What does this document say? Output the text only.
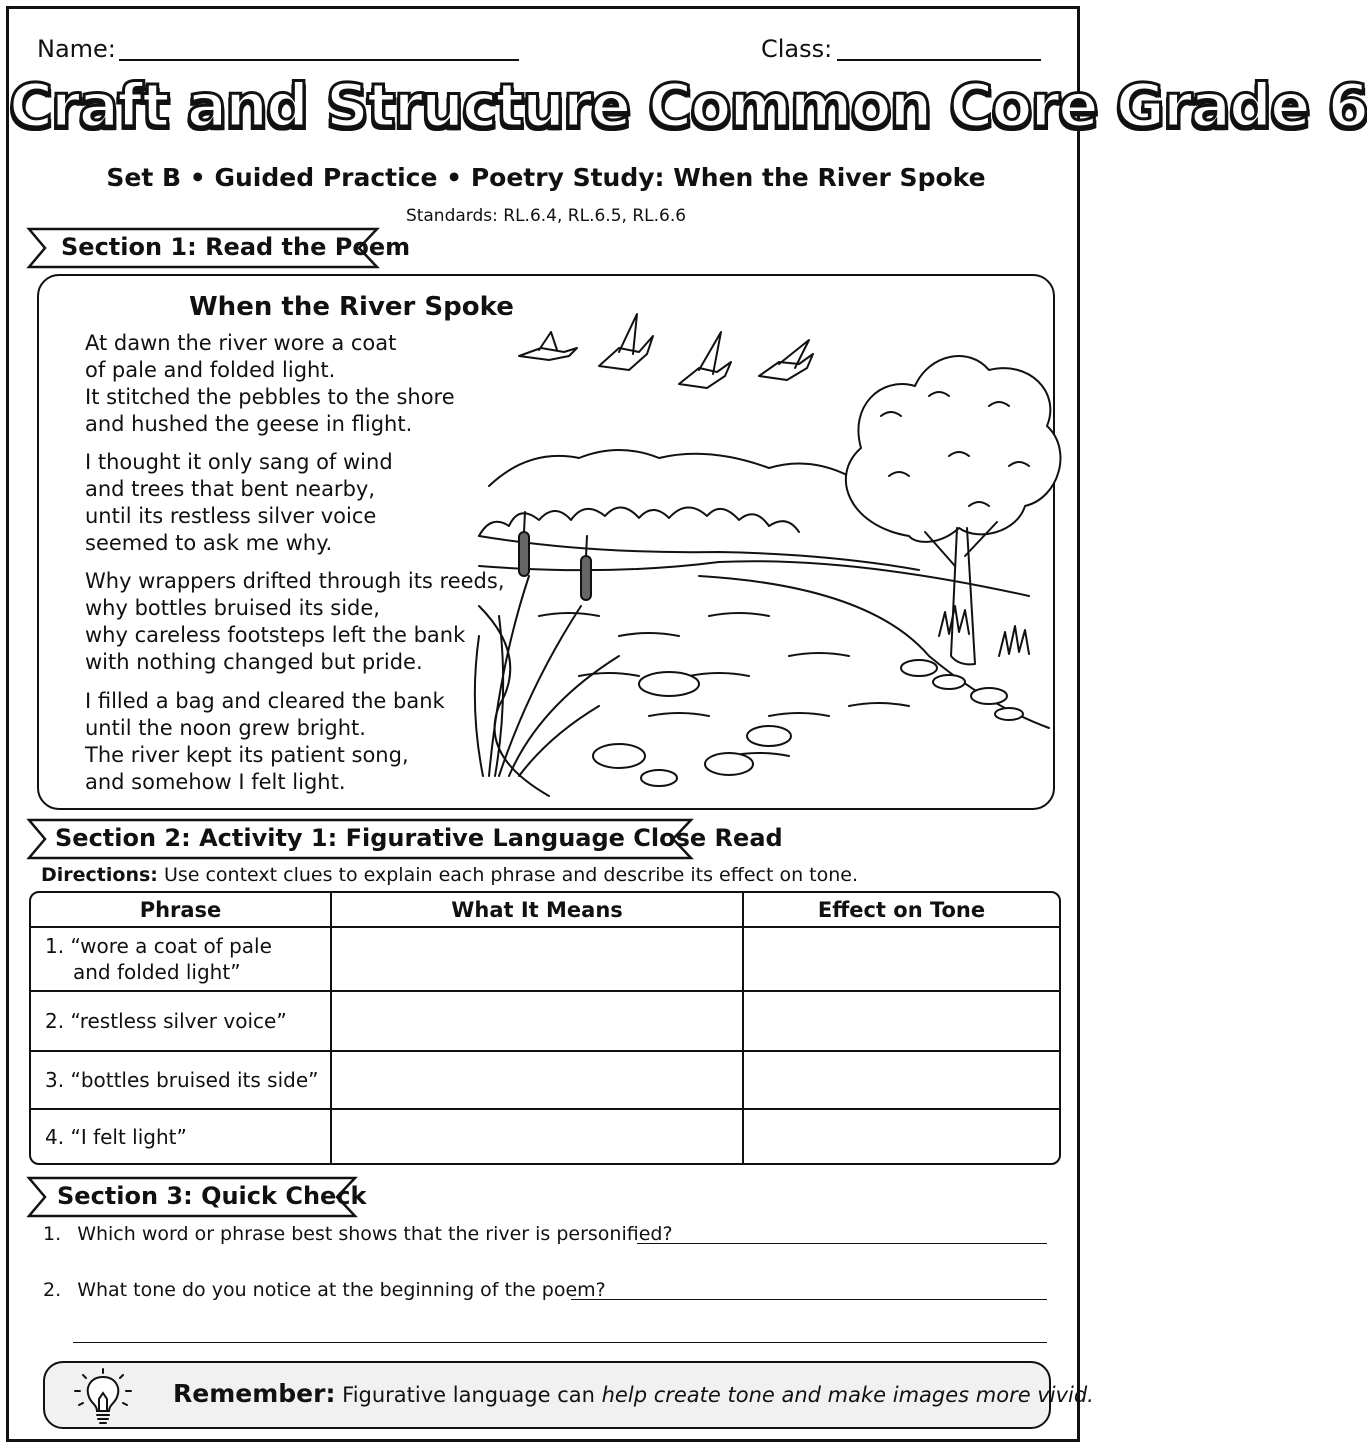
Name:	Class:
Craft and Structure Common Core Grade 6
Set B • Guided Practice • Poetry Study: When the River Spoke
Standards: RL.6.4, RL.6.5, RL.6.6
Section 1: Read the Poem
When the River Spoke
At dawn the river wore a coat
of pale and folded light.
It stitched the pebbles to the shore
and hushed the geese in flight.
I thought it only sang of wind
and trees that bent nearby,
until its restless silver voice
seemed to ask me why.
Why wrappers drifted through its reeds,
why bottles bruised its side,
why careless footsteps left the bank
with nothing changed but pride.
I filled a bag and cleared the bank
until the noon grew bright.
The river kept its patient song,
and somehow I felt light.
Section 2: Activity 1: Figurative Language Close Read
Directions: Use context clues to explain each phrase and describe its effect on tone.
Phrase	What It Means	Effect on Tone
1. “wore a coat of pale
and folded light”		
2. “restless silver voice”		
3. “bottles bruised its side”		
4. “I felt light”		
Section 3: Quick Check
1. Which word or phrase best shows that the river is personified?
2. What tone do you notice at the beginning of the poem?
Remember: Figurative language can help create tone and make images more vivid.
